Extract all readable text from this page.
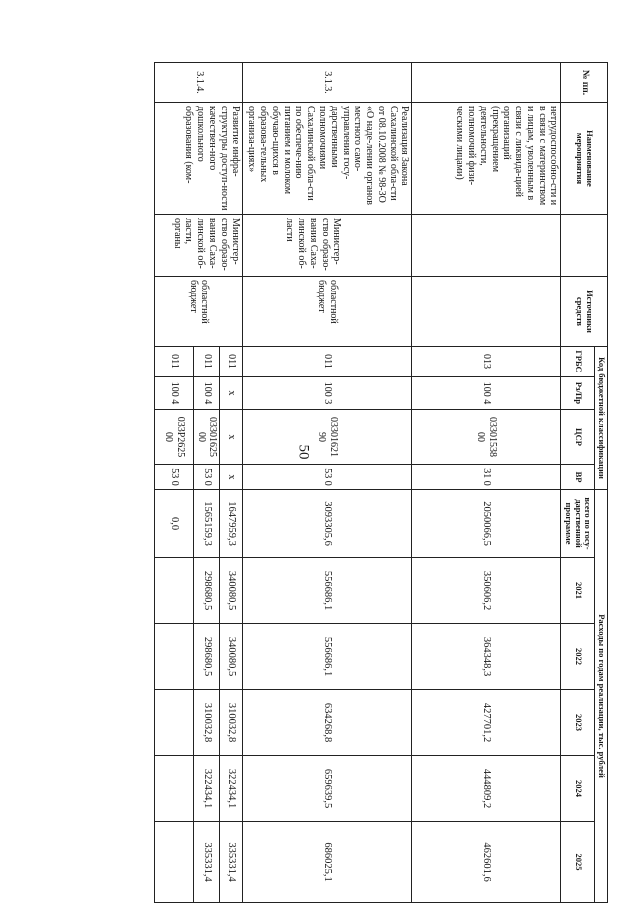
50
№ пп.	Наименование мероприятия		Источники средств	Код бюджетной классификации				Расходы по годам реализации, тыс. рублей					
				ГРБС	Рз/Пр	ЦСР	ВР	всего по госу-дарственной программе	2021	2022	2023	2024	2025
	нетрудоспособно-сти и в связи с материнством и лицам, уволенным в связи с ликвида-цией организаций (прекращением деятельности, полномочий физи-ческими лицами)			013	100 4	03301538 00	31 0	2050066,5	350606,2	364348,3	427701,2	444809,2	462601,6
3.1.3.	Реализация Закона Сахалинской обла-сти от 08.10.2008 № 98-ЗО «О наде-лении органов местного само-управления госу-дарственными полномочиями Сахалинской обла-сти по обеспече-нию питанием и молоком обучаю-щихся в образова-тельных организа-циях»	Министер-ство образо-вания Саха-линской об-ласти	областной бюджет	011	100 3	03301621 90	53 0	3093305,6	556686,1	556686,1	634268,8	659639,5	686025,1
3.1.4.	Развитие инфра-структуры доступ-ности качествен-ного дошкольного образования (ком-	Министер-ство образо-вания Саха-линской об-ласти, органы	областной бюджет	011	x	x	x	1647959,3	340080,5	340080,5	310032,8	322434,1	335331,4
				011	100 4	03301625 00	53 0	1565159,3	298680,5	298680,5	310032,8	322434,1	335331,4
				011	100 4	033P2625 00	53 0	0,0					
